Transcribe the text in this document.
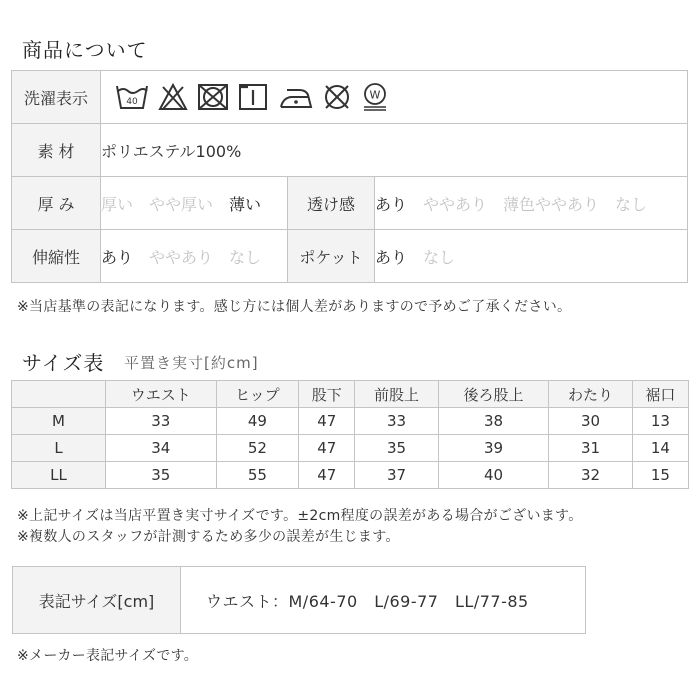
商品について
洗濯表示	40
W		

素 材	ポリエステル100%		
厚 み	厚い やや厚い 薄い	透け感	あり ややあり 薄色ややあり なし
伸縮性	あり ややあり なし	ポケット	あり なし
※当店基準の表記になります。感じ方には個人差がありますので予めご了承ください。
サイズ表 平置き実寸[約cm]
	ウエスト	ヒップ	股下	前股上	後ろ股上	わたり	裾口
M	33	49	47	33	38	30	13
L	34	52	47	35	39	31	14
LL	35	55	47	37	40	32	15
※上記サイズは当店平置き実寸サイズです。±2cm程度の誤差がある場合がございます。
※複数人のスタッフが計測するため多少の誤差が生じます。
表記サイズ[cm]	ウエスト：M/64-70　L/69-77　LL/77-85
※メーカー表記サイズです。
